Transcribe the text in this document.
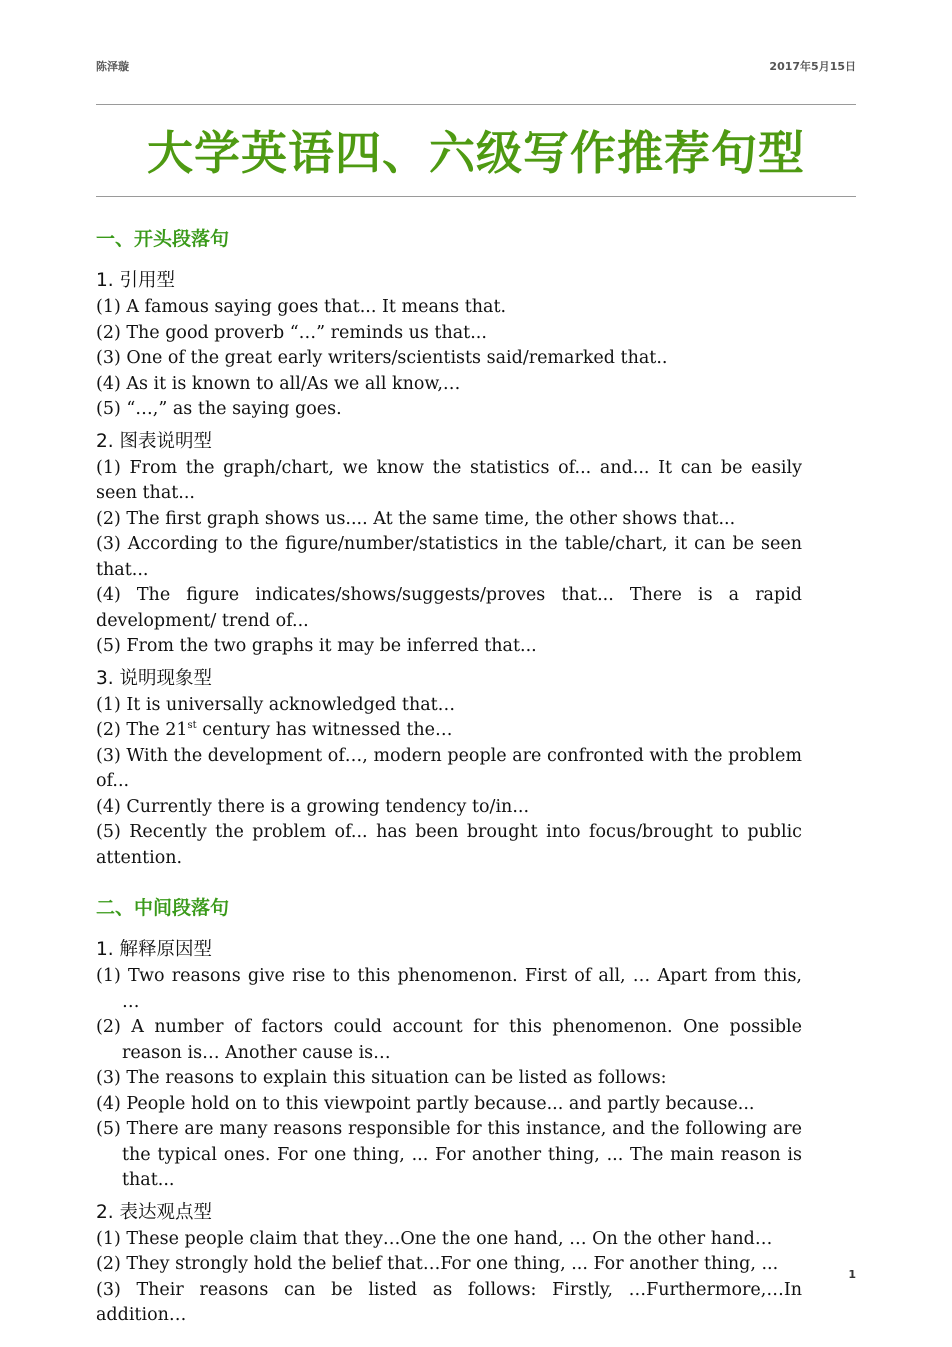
陈泽璇	2017年5月15日
大学英语四、六级写作推荐句型
一、开头段落句
1. 引用型

(1) A famous saying goes that... It means that.

(2) The good proverb “…” reminds us that...

(3) One of the great early writers/scientists said/remarked that..

(4) As it is known to all/As we all know,…

(5) “…,” as the saying goes.

2. 图表说明型

(1) From the graph/chart, we know the statistics of... and... It can be easily seen that...

(2) The first graph shows us.... At the same time, the other shows that...

(3) According to the figure/number/statistics in the table/chart, it can be seen that...

(4) The figure indicates/shows/suggests/proves that... There is a rapid development/ trend of...

(5) From the two graphs it may be inferred that...

3. 说明现象型

(1) It is universally acknowledged that…

(2) The 21st century has witnessed the…

(3) With the development of…, modern people are confronted with the problem of...

(4) Currently there is a growing tendency to/in...

(5) Recently the problem of... has been brought into focus/brought to public attention.

二、中间段落句
1. 解释原因型

(1) Two reasons give rise to this phenomenon. First of all, … Apart from this, …

(2) A number of factors could account for this phenomenon. One possible reason is… Another cause is…

(3) The reasons to explain this situation can be listed as follows:

(4) People hold on to this viewpoint partly because... and partly because...

(5) There are many reasons responsible for this instance, and the following are the typical ones. For one thing, ... For another thing, ... The main reason is that...

2. 表达观点型

(1) These people claim that they…One the one hand, … On the other hand…

(2) They strongly hold the belief that…For one thing, ... For another thing, ...

(3) Their reasons can be listed as follows: Firstly, …Furthermore,…In addition…

1
